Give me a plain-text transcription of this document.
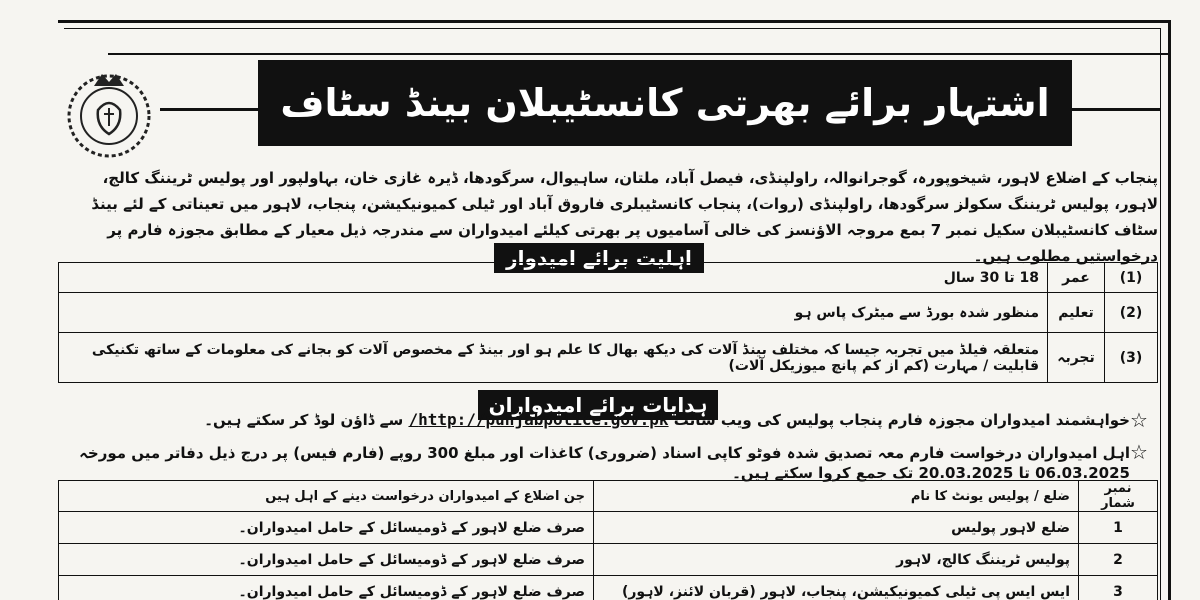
اشتہار برائے بھرتی کانسٹیبلان بینڈ سٹاف
پنجاب کے اضلاع لاہور، شیخوپورہ، گوجرانوالہ، راولپنڈی، فیصل آباد، ملتان، ساہیوال، سرگودھا، ڈیرہ غازی خان، بہاولپور اور پولیس ٹریننگ کالج، لاہور، پولیس ٹریننگ سکولز سرگودھا، راولپنڈی (روات)، پنجاب کانسٹیبلری فاروق آباد اور ٹیلی کمیونیکیشن، پنجاب، لاہور میں تعیناتی کے لئے بینڈ سٹاف کانسٹیبلان سکیل نمبر 7 بمع مروجہ الاؤنسز کی خالی آسامیوں پر بھرتی کیلئے امیدواران سے مندرجہ ذیل معیار کے مطابق مجوزہ فارم پر درخواستیں مطلوب ہیں۔
اہلیت برائے امیدوار
18 تا 30 سال	عمر	(1)
منظور شدہ بورڈ سے میٹرک پاس ہو	تعلیم	(2)
متعلقہ فیلڈ میں تجربہ جیسا کہ مختلف بینڈ آلات کی دیکھ بھال کا علم ہو اور بینڈ کے مخصوص آلات کو بجانے کی معلومات کے ساتھ تکنیکی قابلیت / مہارت (کم از کم پانچ میوزیکل آلات)	تجربہ	(3)
ہدایات برائے امیدواران
☆
خواہشمند امیدواران مجوزہ فارم پنجاب پولیس کی ویب سائٹ http://punjabpolice.gov.pk/ سے ڈاؤن لوڈ کر سکتے ہیں۔
☆
اہل امیدواران درخواست فارم معہ تصدیق شدہ فوٹو کاپی اسناد (ضروری) کاغذات اور مبلغ 300 روپے (فارم فیس) پر درج ذیل دفاتر میں مورخہ 06.03.2025 تا 20.03.2025 تک جمع کروا سکتے ہیں۔
جن اضلاع کے امیدواران درخواست دینے کے اہل ہیں	ضلع / پولیس یونٹ کا نام	نمبر شمار
صرف ضلع لاہور کے ڈومیسائل کے حامل امیدواران۔	ضلع لاہور پولیس	1
صرف ضلع لاہور کے ڈومیسائل کے حامل امیدواران۔	پولیس ٹریننگ کالج، لاہور	2
صرف ضلع لاہور کے ڈومیسائل کے حامل امیدواران۔	ایس ایس پی ٹیلی کمیونیکیشن، پنجاب، لاہور (قربان لائنز، لاہور)	3
